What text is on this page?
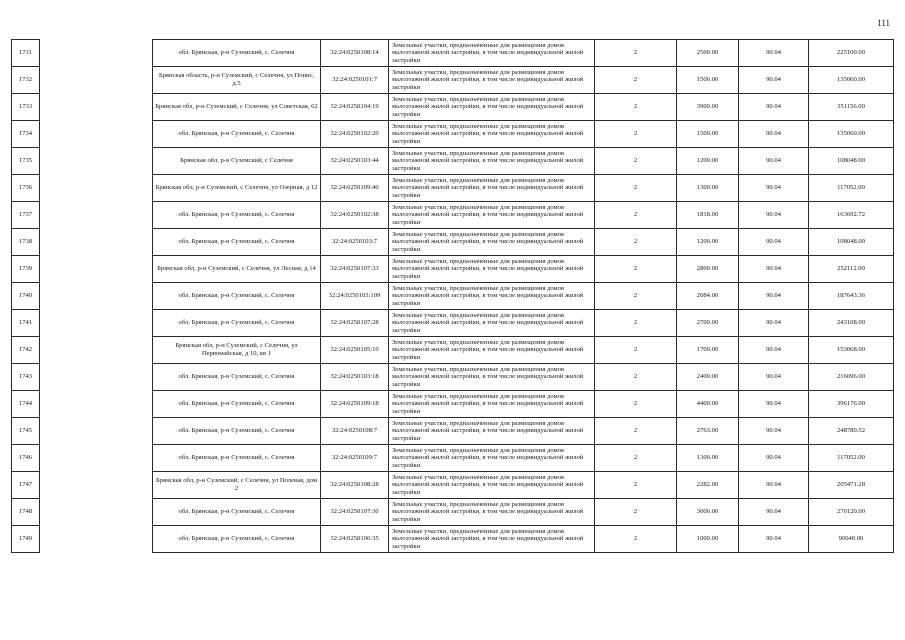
111
1731		обл. Брянская, р-н Суземский, с. Селечня	32:24:0250108:14	Земельные участки, предназначенные для размещения домов малоэтажной жилой застройки, в том числе индивидуальной жилой застройки	2	2500.00	90.04	225100.00
1732		Брянская область, р-н Суземский, с Селечня, ул Понис, д.5	32:24:0250101:7	Земельные участки, предназначенные для размещения домов малоэтажной жилой застройки, в том числе индивидуальной жилой застройки	2	1500.00	90.04	135060.00
1733		Брянская обл, р-н Суземский, с Селечня, ул Советская, 62	32:24:0250104:19	Земельные участки, предназначенные для размещения домов малоэтажной жилой застройки, в том числе индивидуальной жилой застройки	2	3900.00	90.04	351156.00
1734		обл. Брянская, р-н Суземский, с. Селечня	32:24:0250102:20	Земельные участки, предназначенные для размещения домов малоэтажной жилой застройки, в том числе индивидуальной жилой застройки	2	1500.00	90.04	135060.00
1735		Брянская обл, р-н Суземский, с Селечня	32:24:0250103:44	Земельные участки, предназначенные для размещения домов малоэтажной жилой застройки, в том числе индивидуальной жилой застройки	2	1200.00	90.04	108048.00
1736		Брянская обл, р-н Суземский, с Селечня, ул Озерная, д 12	32:24:0250109:40	Земельные участки, предназначенные для размещения домов малоэтажной жилой застройки, в том числе индивидуальной жилой застройки	2	1300.00	90.04	117052.00
1737		обл. Брянская, р-н Суземский, с. Селечня	32:24:0250102:38	Земельные участки, предназначенные для размещения домов малоэтажной жилой застройки, в том числе индивидуальной жилой застройки	2	1818.00	90.04	163692.72
1738		обл. Брянская, р-н Суземский, с. Селечня	32:24:0250103:7	Земельные участки, предназначенные для размещения домов малоэтажной жилой застройки, в том числе индивидуальной жилой застройки	2	1200.00	90.04	108048.00
1739		Брянская обл, р-н Суземский, с Селечня, ул Лесная, д 14	32:24:0250107:33	Земельные участки, предназначенные для размещения домов малоэтажной жилой застройки, в том числе индивидуальной жилой застройки	2	2800.00	90.04	252112.00
1740		обл. Брянская, р-н Суземский, с. Селечня	32:24:0250103:109	Земельные участки, предназначенные для размещения домов малоэтажной жилой застройки, в том числе индивидуальной жилой застройки	2	2084.00	90.04	187643.36
1741		обл. Брянская, р-н Суземский, с. Селечня	32:24:0250107:28	Земельные участки, предназначенные для размещения домов малоэтажной жилой застройки, в том числе индивидуальной жилой застройки	2	2700.00	90.04	243108.00
1742		Брянская обл, р-н Суземский, с Селечня, ул Первомайская, д 10, кв 1	32:24:0250105:10	Земельные участки, предназначенные для размещения домов малоэтажной жилой застройки, в том числе индивидуальной жилой застройки	2	1700.00	90.04	153068.00
1743		обл. Брянская, р-н Суземский, с. Селечня	32:24:0250103:18	Земельные участки, предназначенные для размещения домов малоэтажной жилой застройки, в том числе индивидуальной жилой застройки	2	2400.00	90.04	216096.00
1744		обл. Брянская, р-н Суземский, с. Селечня	32:24:0250109:18	Земельные участки, предназначенные для размещения домов малоэтажной жилой застройки, в том числе индивидуальной жилой застройки	2	4400.00	90.04	396176.00
1745		обл. Брянская, р-н Суземский, с. Селечня	32:24:0250108:7	Земельные участки, предназначенные для размещения домов малоэтажной жилой застройки, в том числе индивидуальной жилой застройки	2	2763.00	90.04	248780.52
1746		обл. Брянская, р-н Суземский, с. Селечня	32:24:0250109:7	Земельные участки, предназначенные для размещения домов малоэтажной жилой застройки, в том числе индивидуальной жилой застройки	2	1300.00	90.04	117052.00
1747		Брянская обл, р-н Суземский, с Селечня, ул Полевая, дом 2	32:24:0250108:28	Земельные участки, предназначенные для размещения домов малоэтажной жилой застройки, в том числе индивидуальной жилой застройки	2	2282.00	90.04	205471.28
1748		обл. Брянская, р-н Суземский, с. Селечня	32:24:0250107:30	Земельные участки, предназначенные для размещения домов малоэтажной жилой застройки, в том числе индивидуальной жилой застройки	2	3000.00	90.04	270120.00
1749		обл. Брянская, р-н Суземский, с. Селечня	32:24:0250106:35	Земельные участки, предназначенные для размещения домов малоэтажной жилой застройки, в том числе индивидуальной жилой застройки	2	1000.00	90.04	90040.00
